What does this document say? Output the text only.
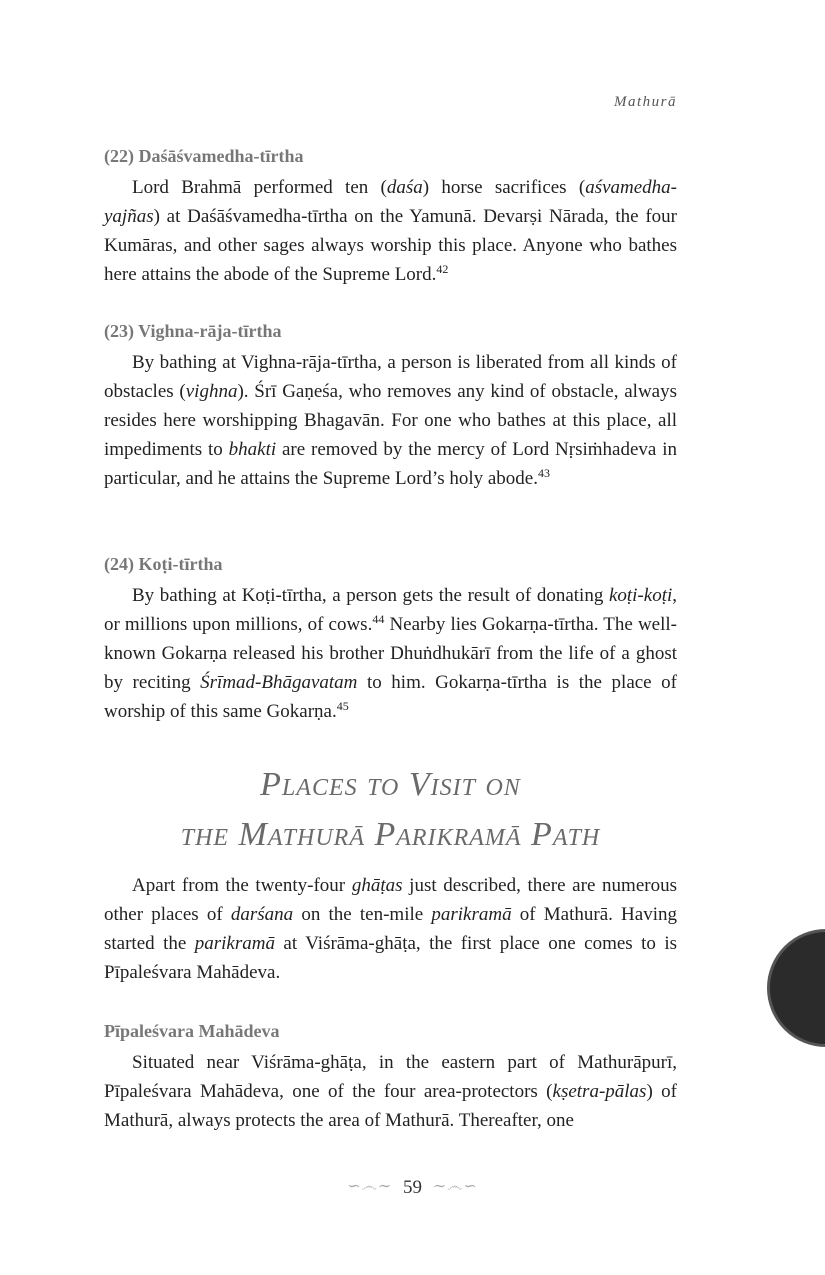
Mathurā

(22) Daśāśvamedha-tīrtha

Lord Brahmā performed ten (daśa) horse sacrifices (aśvamedha-yajñas) at Daśāśvamedha-tīrtha on the Yamunā. Devarṣi Nārada, the four Kumāras, and other sages always worship this place. Anyone who bathes here attains the abode of the Supreme Lord.$^{42}$

(23) Vighna-rāja-tīrtha

By bathing at Vighna-rāja-tīrtha, a person is liberated from all kinds of obstacles (vighna). Śrī Gaṇeśa, who removes any kind of obstacle, always resides here worshipping Bhagavān. For one who bathes at this place, all impediments to bhakti are removed by the mercy of Lord Nṛsiṁhadeva in particular, and he attains the Supreme Lord’s holy abode.$^{43}$

(24) Koṭi-tīrtha

By bathing at Koṭi-tīrtha, a person gets the result of donating koṭi-koṭi, or millions upon millions, of cows.$^{44}$ Nearby lies Gokarṇa-tīrtha. The well-known Gokarṇa released his brother Dhuṅdhukārī from the life of a ghost by reciting Śrīmad-Bhāgavatam to him. Gokarṇa-tīrtha is the place of worship of this same Gokarṇa.$^{45}$

Places to Visit on
the Mathurā Parikramā Path

Apart from the twenty-four ghāṭas just described, there are numerous other places of darśana on the ten-mile parikramā of Mathurā. Having started the parikramā at Viśrāma-ghāṭa, the first place one comes to is Pīpaleśvara Mahādeva.

Pīpaleśvara Mahādeva

Situated near Viśrāma-ghāṭa, in the eastern part of Mathurāpurī, Pīpaleśvara Mahādeva, one of the four area-protectors (kṣetra-pālas) of Mathurā, always protects the area of Mathurā. Thereafter, one

∽෴∼ 59 ∼෴∽
